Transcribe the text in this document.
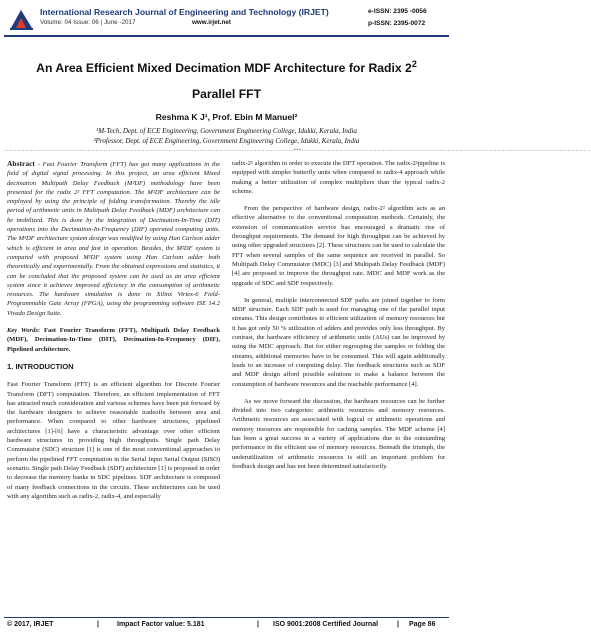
International Research Journal of Engineering and Technology (IRJET)
Volume: 04 Issue: 06 | June -2017	www.irjet.net
e-ISSN: 2395 -0056
p-ISSN: 2395-0072
An Area Efficient Mixed Decimation MDF Architecture for Radix $2^2$
Parallel FFT
Reshma K J¹, Prof. Ebin M Manuel²
¹M-Tech, Dept. of ECE Engineering, Government Engineering College, Idukki, Kerala, India
²Professor, Dept. of ECE Engineering, Government Engineering College, Idukki, Kerala, India
---------------------------------------------------------------------------------------------------------------***---------------------------------------------------------------------------------------------------------------

Abstract - Fast Fourier Transform (FFT) has got many applications in the field of digital signal processing. In this project, an area efficient Mixed decimation Multipath Delay Feedback (M²DF) methodology have been presented for the radix 2² FFT computation. The M²DF architecture can be employed by using the principle of folding transformation. Thereby the idle period of arithmetic units in Multipath Delay Feedback (MDF) architecture can be mobilized. This is done by the integration of Decimation-In-Time (DIT) operations into the Decimation-In-Frequency (DIF) operated computing units. The M²DF architecture system design was modified by using Han Carlson adder which is efficient in area and fast in operation. Besides, the M²DF system is compared with proposed M²DF system using Han Carlson adder both theoretically and experimentally. From the obtained expressions and statistics, it can be concluded that the proposed system can be used as an area efficient system since it achieves improved efficiency in the consumption of arithmetic resources. The hardware simulation is done in Xilinx Virtex-6 Field-Programmable Gate Array (FPGA), using the programming software ISE 14.2 Vivado Design Suite.

Key Words: Fast Fourier Transform (FFT), Multipath Delay Feedback (MDF), Decimation-In-Time (DIT), Decimation-In-Frequency (DIF), Pipelined architecture.

1. INTRODUCTION

Fast Fourier Transform (FFT) is an efficient algorithm for Discrete Fourier Transform (DFT) computation. Therefore, an efficient implementation of FFT has attracted much consideration and various schemes have been put forward by the hardware designers to achieve reasonable tradeoffs between area and performance. When compared to other hardware structures, pipelined architectures [1]-[6] have a characteristic advantage over other efficient hardware structures in providing high throughputs. Single path Delay Commutator (SDC) structure [1] is one of the most conventional approaches to perform the pipelined FFT computation in the Serial Input Serial Output (SISO) scenario. Single path Delay Feedback (SDF) architecture [1] is proposed in order to decrease the memory banks in SDC pipelines. SDF architecture is composed of many feedback connections in the circuits. These architectures can be used with any algorithm such as radix-2, radix-4, and especially

radix-2² algorithm in order to execute the DFT operation. The radix-2²pipeline is equipped with simpler butterfly units when compared to radix-4 approach while making a better utilization of complex multipliers than the typical radix-2 scheme.

From the perspective of hardware design, radix-2² algorithm acts as an effective alternative to the conventional computation methods. Certainly, the extension of communication service has encouraged a dramatic rise of throughput requirements. The demand for high throughput can be achieved by using other upgraded structures [2]. These structures can be used to calculate the FFT when several samples of the same sequence are received in parallel. So Multipath Delay Commutator (MDC) [3] and Multipath Delay Feedback (MDF) [4] are proposed to improve the throughput rate. MDC and MDF work as the upgrade of SDC and SDF respectively.

In general, multiple interconnected SDF paths are joined together to form MDF structure. Each SDF path is used for managing one of the parallel input streams. This design contributes to efficient utilization of memory resources but it has got only 50 % utilization of adders and provides only less throughput. By contrast, the hardware efficiency of arithmetic units (AUs) can be improved by using the MDC approach. But for either regrouping the samples or folding the streams, additional memories have to be consumed. This will again additionally leads to an increase of computing delay. The feedback structures such as SDF and MDF design afford possible solutions to make a balance between the consumption of hardware resources and the reachable performance [4].

As we move forward the discussion, the hardware resources can be further divided into two categories: arithmetic resources and memory resources. Arithmetic resources are associated with logical or arithmetic operations and memory resources are responsible for caching samples. The MDF scheme [4] has been a great success in a variety of applications due to the outstanding performance in the efficient use of memory resources. Beneath the triumph, the underutilization of arithmetic resources is still an important problem for feedback design and has not been determined satisfactorily.

© 2017, IRJET	|	Impact Factor value: 5.181	| ISO 9001:2008 Certified Journal	| Page 86
